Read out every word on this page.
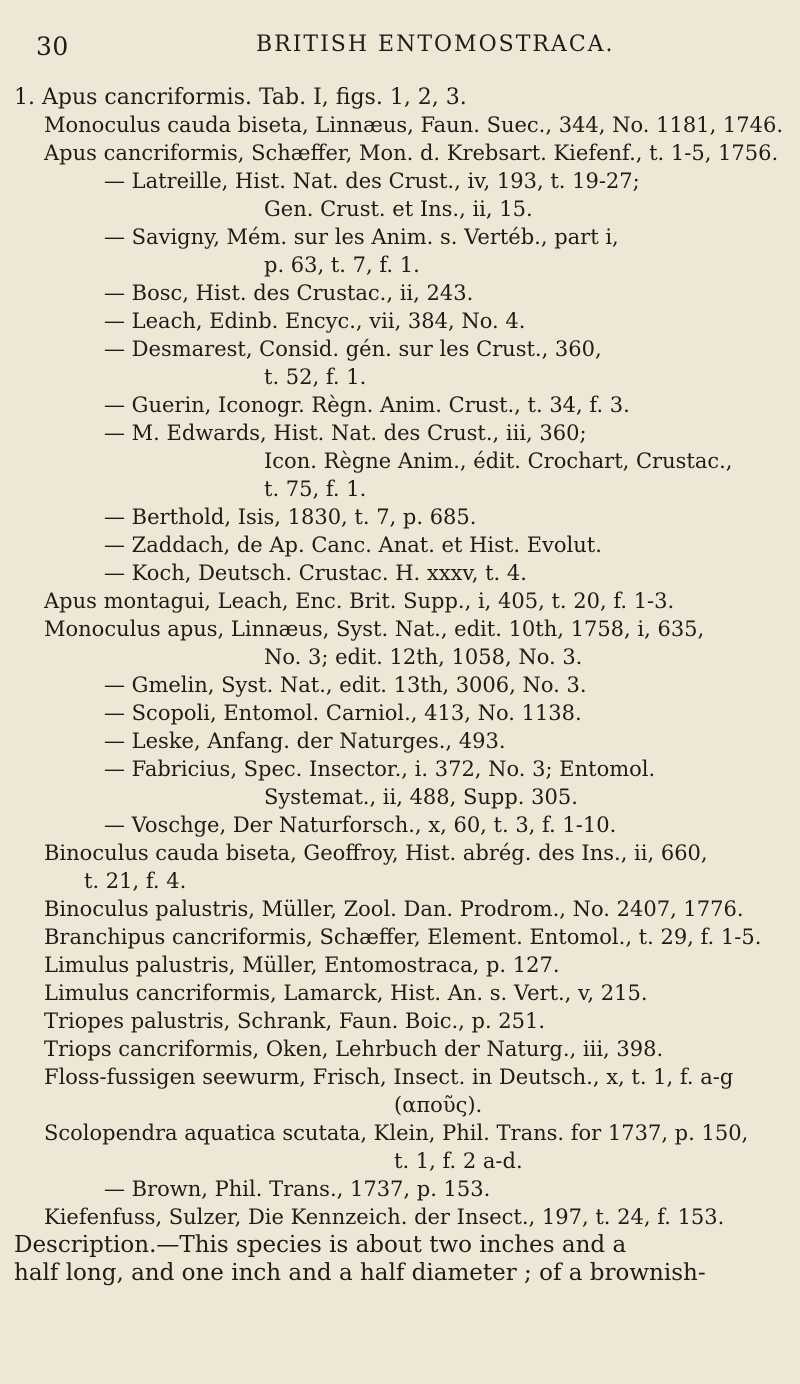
30	BRITISH ENTOMOSTRACA.
1. Apus cancriformis. Tab. I, figs. 1, 2, 3.
Monoculus cauda biseta, Linnæus, Faun. Suec., 344, No. 1181, 1746.
Apus cancriformis, Schæffer, Mon. d. Krebsart. Kiefenf., t. 1-5, 1756.
— Latreille, Hist. Nat. des Crust., iv, 193, t. 19-27;
Gen. Crust. et Ins., ii, 15.
— Savigny, Mém. sur les Anim. s. Vertéb., part i,
p. 63, t. 7, f. 1.
— Bosc, Hist. des Crustac., ii, 243.
— Leach, Edinb. Encyc., vii, 384, No. 4.
— Desmarest, Consid. gén. sur les Crust., 360,
t. 52, f. 1.
— Guerin, Iconogr. Règn. Anim. Crust., t. 34, f. 3.
— M. Edwards, Hist. Nat. des Crust., iii, 360;
Icon. Règne Anim., édit. Crochart, Crustac.,
t. 75, f. 1.
— Berthold, Isis, 1830, t. 7, p. 685.
— Zaddach, de Ap. Canc. Anat. et Hist. Evolut.
— Koch, Deutsch. Crustac. H. xxxv, t. 4.
Apus montagui, Leach, Enc. Brit. Supp., i, 405, t. 20, f. 1-3.
Monoculus apus, Linnæus, Syst. Nat., edit. 10th, 1758, i, 635,
No. 3; edit. 12th, 1058, No. 3.
— Gmelin, Syst. Nat., edit. 13th, 3006, No. 3.
— Scopoli, Entomol. Carniol., 413, No. 1138.
— Leske, Anfang. der Naturges., 493.
— Fabricius, Spec. Insector., i. 372, No. 3; Entomol.
Systemat., ii, 488, Supp. 305.
— Voschge, Der Naturforsch., x, 60, t. 3, f. 1-10.
Binoculus cauda biseta, Geoffroy, Hist. abrég. des Ins., ii, 660,
t. 21, f. 4.
Binoculus palustris, Müller, Zool. Dan. Prodrom., No. 2407, 1776.
Branchipus cancriformis, Schæffer, Element. Entomol., t. 29, f. 1-5.
Limulus palustris, Müller, Entomostraca, p. 127.
Limulus cancriformis, Lamarck, Hist. An. s. Vert., v, 215.
Triopes palustris, Schrank, Faun. Boic., p. 251.
Triops cancriformis, Oken, Lehrbuch der Naturg., iii, 398.
Floss-fussigen seewurm, Frisch, Insect. in Deutsch., x, t. 1, f. a-g
(αποῦς).
Scolopendra aquatica scutata, Klein, Phil. Trans. for 1737, p. 150,
t. 1, f. 2 a-d.
— Brown, Phil. Trans., 1737, p. 153.
Kiefenfuss, Sulzer, Die Kennzeich. der Insect., 197, t. 24, f. 153.
Description.—This species is about two inches and a
half long, and one inch and a half diameter ; of a brownish-
